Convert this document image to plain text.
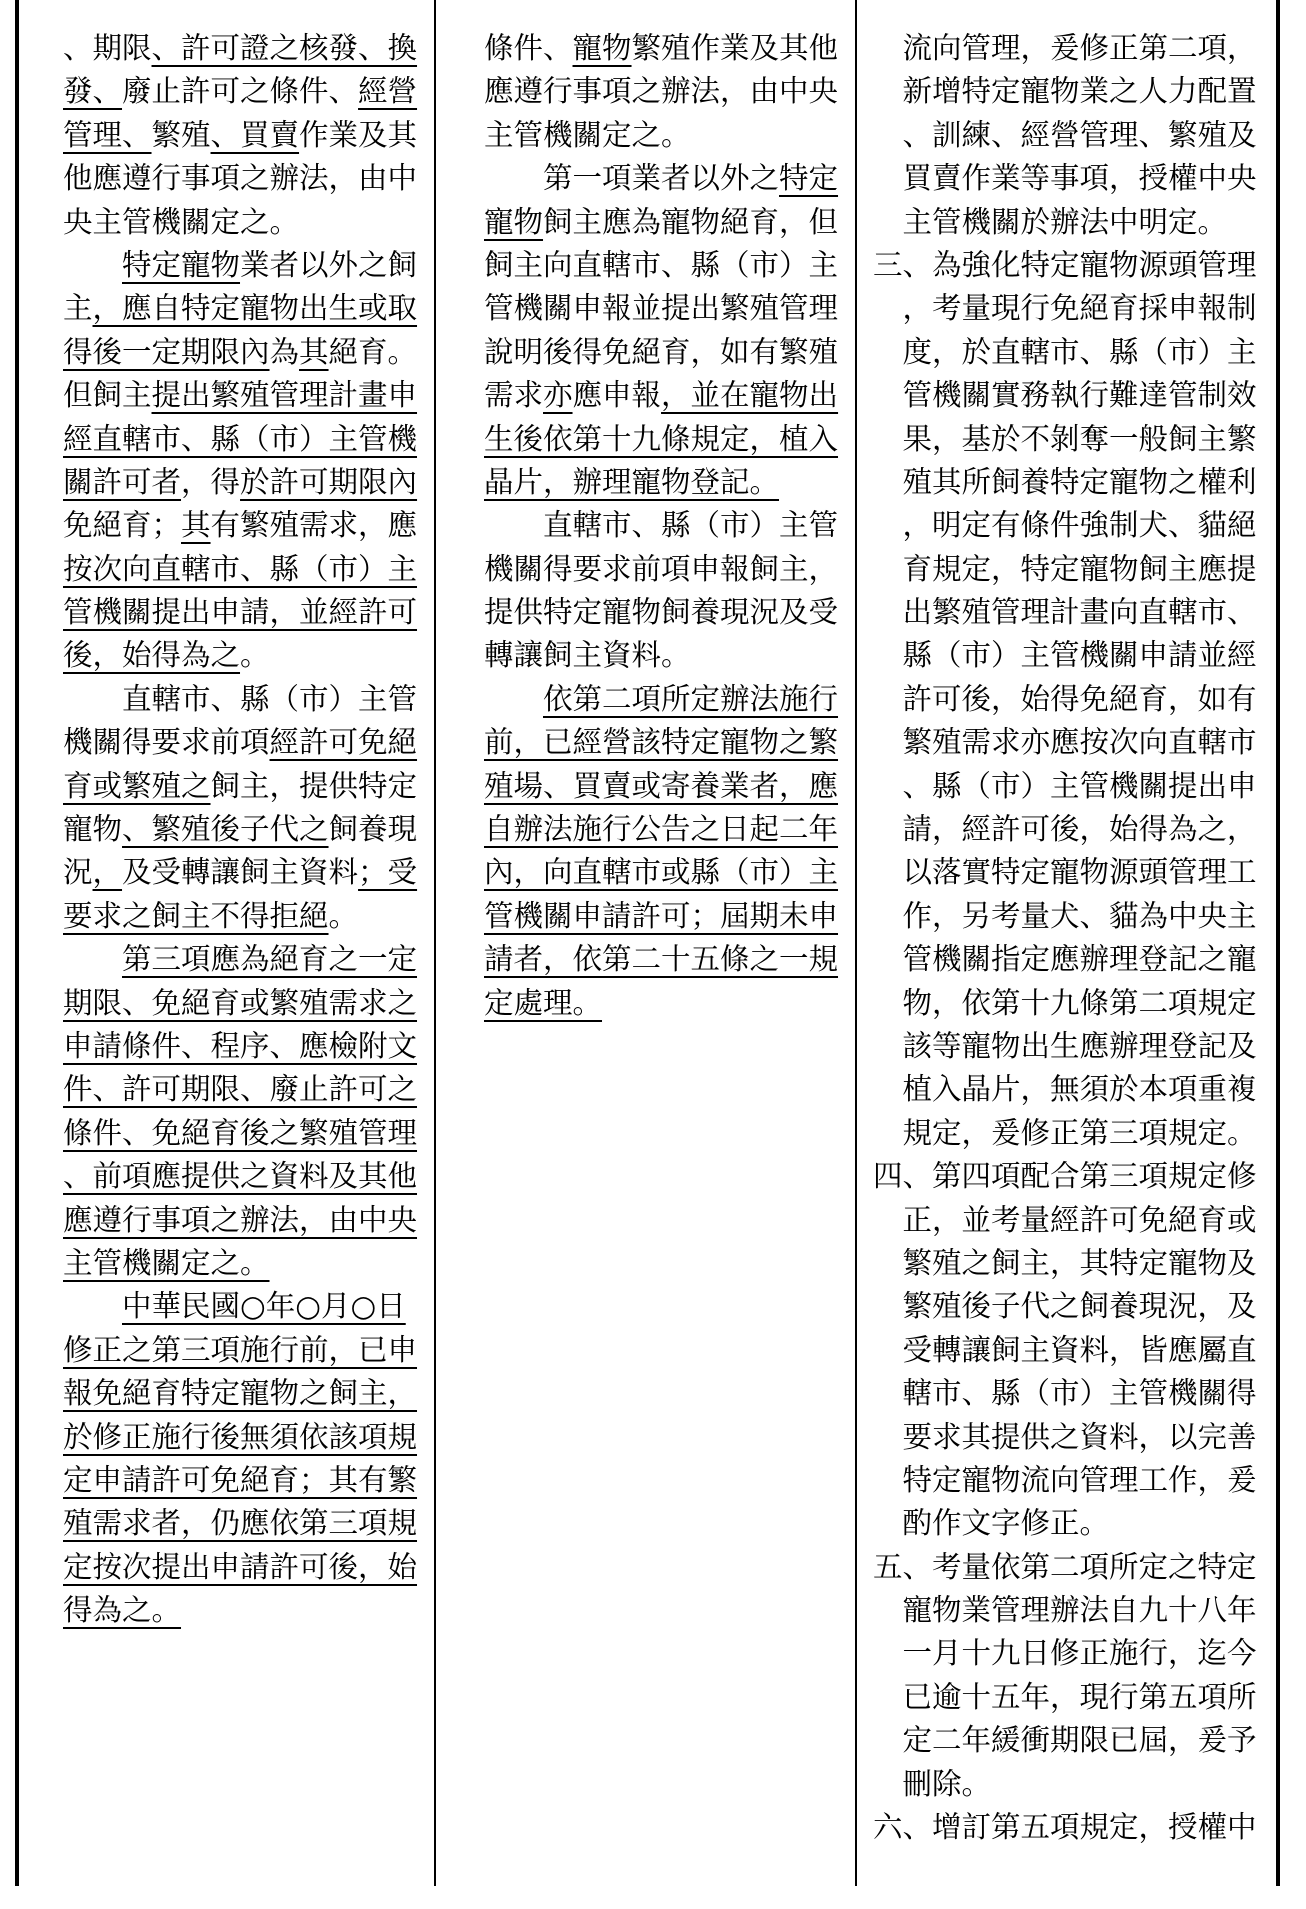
、期限、許可證之核發、換
發、廢止許可之條件、經營
管理、繁殖、買賣作業及其
他應遵行事項之辦法，由中
央主管機關定之。
特定寵物業者以外之飼
主，應自特定寵物出生或取
得後一定期限內為其絕育。
但飼主提出繁殖管理計畫申
經直轄市、縣（市）主管機
關許可者，得於許可期限內
免絕育；其有繁殖需求，應
按次向直轄市、縣（市）主
管機關提出申請，並經許可
後，始得為之。
直轄市、縣（市）主管
機關得要求前項經許可免絕
育或繁殖之飼主，提供特定
寵物、繁殖後子代之飼養現
況，及受轉讓飼主資料；受
要求之飼主不得拒絕。
第三項應為絕育之一定
期限、免絕育或繁殖需求之
申請條件、程序、應檢附文
件、許可期限、廢止許可之
條件、免絕育後之繁殖管理
、前項應提供之資料及其他
應遵行事項之辦法，由中央
主管機關定之。
中華民國○年○月○日
修正之第三項施行前，已申
報免絕育特定寵物之飼主，
於修正施行後無須依該項規
定申請許可免絕育；其有繁
殖需求者，仍應依第三項規
定按次提出申請許可後，始
得為之。
條件、寵物繁殖作業及其他
應遵行事項之辦法，由中央
主管機關定之。
第一項業者以外之特定
寵物飼主應為寵物絕育，但
飼主向直轄市、縣（市）主
管機關申報並提出繁殖管理
說明後得免絕育，如有繁殖
需求亦應申報，並在寵物出
生後依第十九條規定，植入
晶片，辦理寵物登記。
直轄市、縣（市）主管
機關得要求前項申報飼主，
提供特定寵物飼養現況及受
轉讓飼主資料。
依第二項所定辦法施行
前，已經營該特定寵物之繁
殖場、買賣或寄養業者，應
自辦法施行公告之日起二年
內，向直轄市或縣（市）主
管機關申請許可；屆期未申
請者，依第二十五條之一規
定處理。
流向管理，爰修正第二項，
新增特定寵物業之人力配置
、訓練、經營管理、繁殖及
買賣作業等事項，授權中央
主管機關於辦法中明定。
三、為強化特定寵物源頭管理
，考量現行免絕育採申報制
度，於直轄市、縣（市）主
管機關實務執行難達管制效
果，基於不剝奪一般飼主繁
殖其所飼養特定寵物之權利
，明定有條件強制犬、貓絕
育規定，特定寵物飼主應提
出繁殖管理計畫向直轄市、
縣（市）主管機關申請並經
許可後，始得免絕育，如有
繁殖需求亦應按次向直轄市
、縣（市）主管機關提出申
請，經許可後，始得為之，
以落實特定寵物源頭管理工
作，另考量犬、貓為中央主
管機關指定應辦理登記之寵
物，依第十九條第二項規定
該等寵物出生應辦理登記及
植入晶片，無須於本項重複
規定，爰修正第三項規定。
四、第四項配合第三項規定修
正，並考量經許可免絕育或
繁殖之飼主，其特定寵物及
繁殖後子代之飼養現況，及
受轉讓飼主資料，皆應屬直
轄市、縣（市）主管機關得
要求其提供之資料，以完善
特定寵物流向管理工作，爰
酌作文字修正。
五、考量依第二項所定之特定
寵物業管理辦法自九十八年
一月十九日修正施行，迄今
已逾十五年，現行第五項所
定二年緩衝期限已屆，爰予
刪除。
六、增訂第五項規定，授權中
